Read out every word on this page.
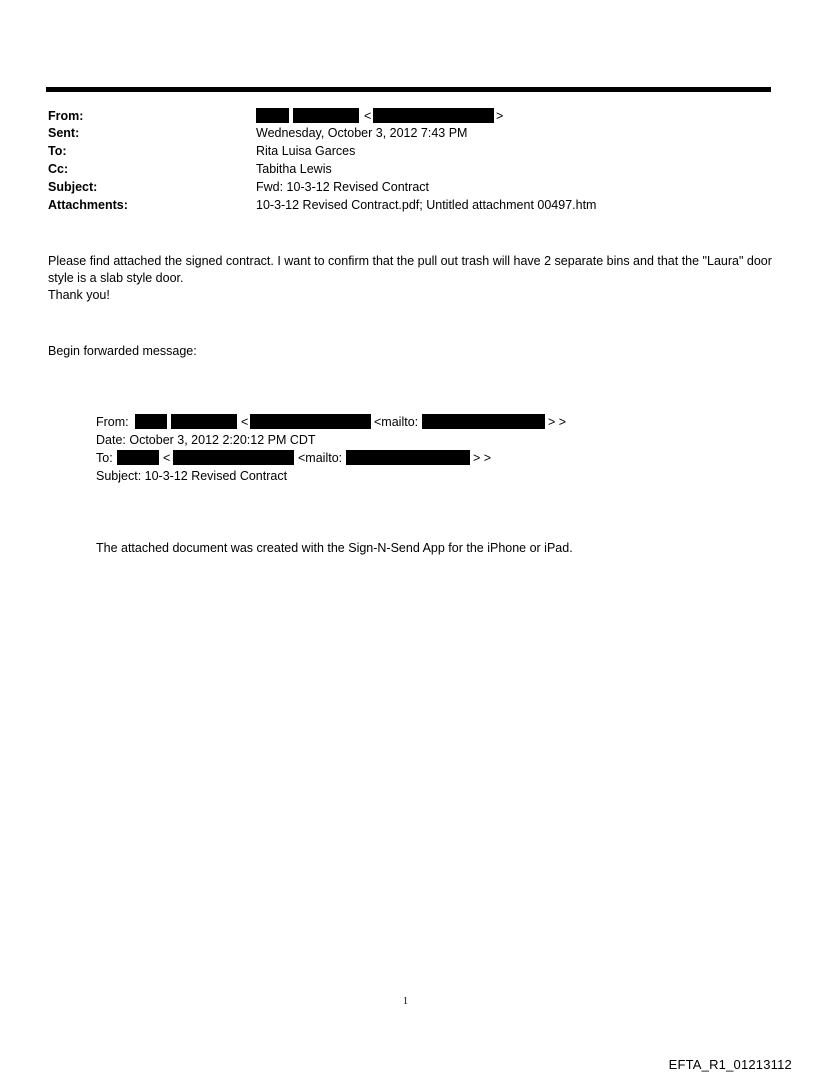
From:	<	>
Sent:	Wednesday, October 3, 2012 7:43 PM
To:	Rita Luisa Garces
Cc:	Tabitha Lewis
Subject:	Fwd: 10-3-12 Revised Contract
Attachments:	10-3-12 Revised Contract.pdf; Untitled attachment 00497.htm

Please find attached the signed contract. I want to confirm that the pull out trash will have 2 separate bins and that the "Laura" door style is a slab style door.

Thank you!

Begin forwarded message:
From:	<	<mailto:	> >
Date: October 3, 2012 2:20:12 PM CDT
To:	<	<mailto:	> >
Subject: 10-3-12 Revised Contract
The attached document was created with the Sign-N-Send App for the iPhone or iPad.
1
EFTA_R1_01213112
